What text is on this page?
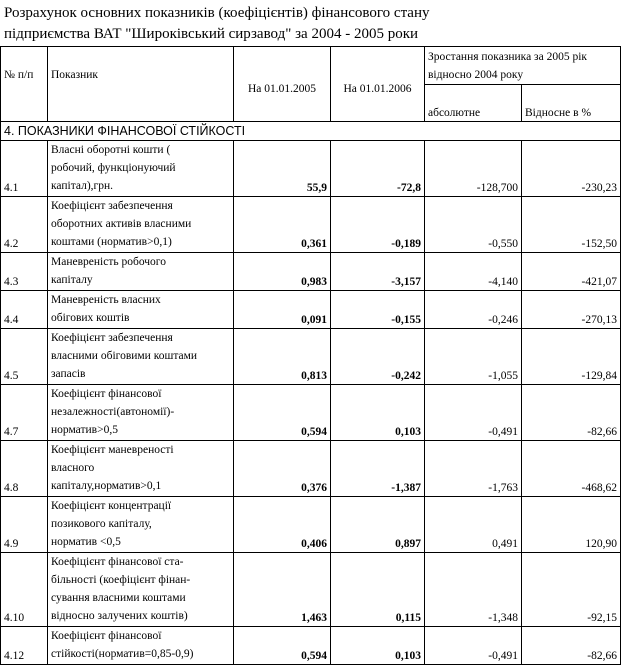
Розрахунок основних показників (коефіцієнтів) фінансового стану
підприємства ВАТ "Широківський сирзавод" за 2004 - 2005 роки
№ п/п	Показник	На 01.01.2005	На 01.01.2006	Зростання показника за 2005 рік відносно 2004 року	
				абсолютне	Відносне в %
4. ПОКАЗНИКИ ФІНАНСОВОЇ СТІЙКОСТІ					
4.1	Власні оборотні кошти (
робочий, функціонуючий
капітал),грн.	55,9	-72,8	-128,700	-230,23
4.2	Коефіцієнт забезпечення
оборотних активів власними
коштами (норматив>0,1)	0,361	-0,189	-0,550	-152,50
4.3	Маневреність робочого
капіталу	0,983	-3,157	-4,140	-421,07
4.4	Маневреність власних
обігових коштів	0,091	-0,155	-0,246	-270,13
4.5	Коефіцієнт забезпечення
власними обіговими коштами
запасів	0,813	-0,242	-1,055	-129,84
4.7	Коефіцієнт фінансової
незалежності(автономії)-
норматив>0,5	0,594	0,103	-0,491	-82,66
4.8	Коефіцієнт маневреності
власного
капіталу,норматив>0,1	0,376	-1,387	-1,763	-468,62
4.9	Коефіцієнт концентрації
позикового капіталу,
норматив <0,5	0,406	0,897	0,491	120,90
4.10	Коефіцієнт фінансової ста-
більності (коефіцієнт фінан-
сування власними коштами
відносно залучених коштів)	1,463	0,115	-1,348	-92,15
4.12	Коефіцієнт фінансової
стійкості(норматив=0,85-0,9)	0,594	0,103	-0,491	-82,66
